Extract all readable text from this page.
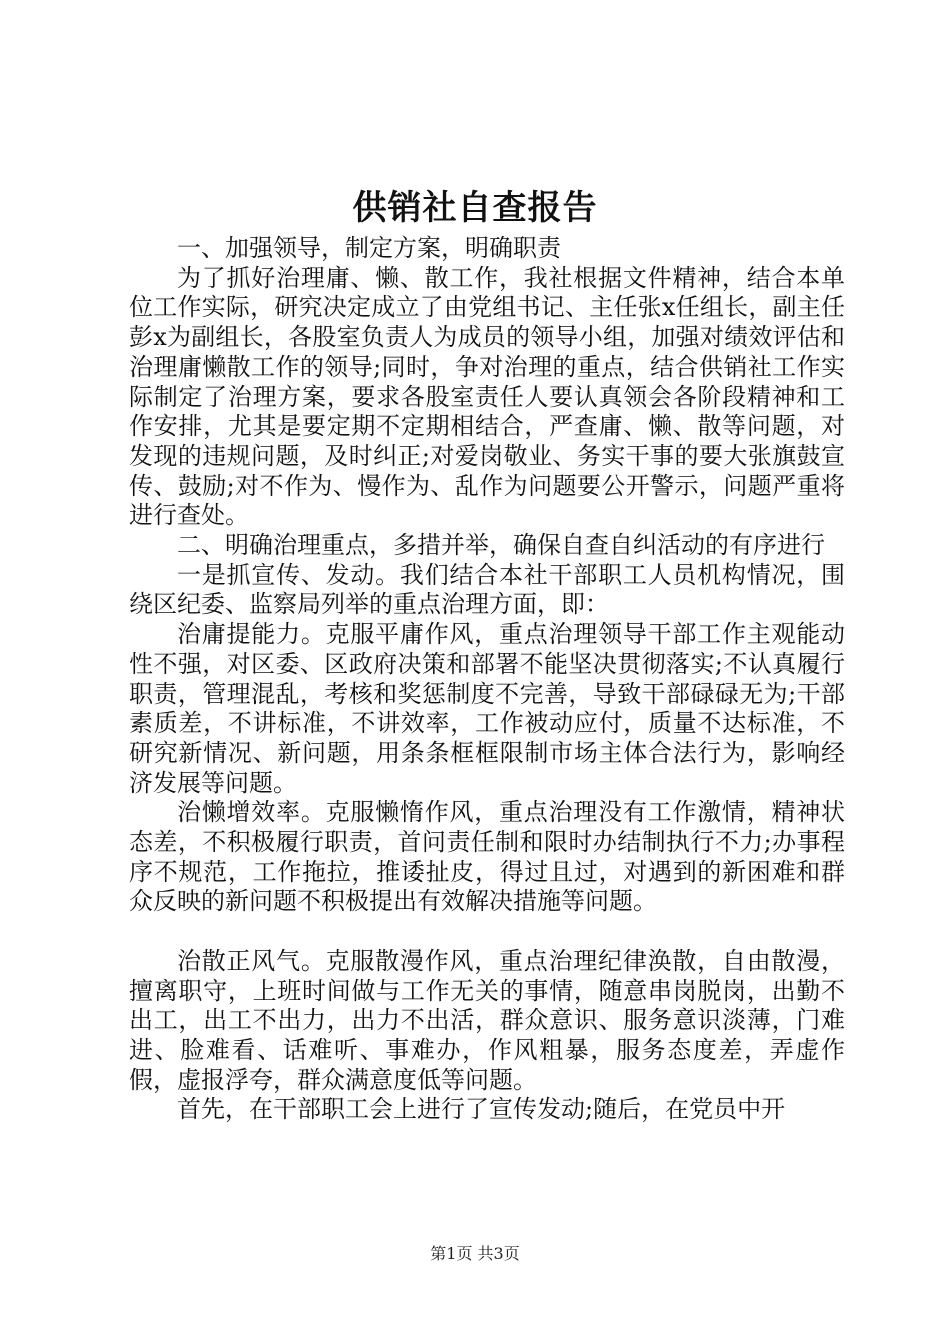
供销社自查报告

一、加强领导，制定方案，明确职责

为了抓好治理庸、懒、散工作，我社根据文件精神，结合本单位工作实际，研究决定成立了由党组书记、主任张x任组长，副主任彭x为副组长，各股室负责人为成员的领导小组，加强对绩效评估和治理庸懒散工作的领导;同时，争对治理的重点，结合供销社工作实际制定了治理方案，要求各股室责任人要认真领会各阶段精神和工作安排，尤其是要定期不定期相结合，严查庸、懒、散等问题，对发现的违规问题，及时纠正;对爱岗敬业、务实干事的要大张旗鼓宣传、鼓励;对不作为、慢作为、乱作为问题要公开警示，问题严重将进行查处。

二、明确治理重点，多措并举，确保自查自纠活动的有序进行

一是抓宣传、发动。我们结合本社干部职工人员机构情况，围绕区纪委、监察局列举的重点治理方面，即：

治庸提能力。克服平庸作风，重点治理领导干部工作主观能动性不强，对区委、区政府决策和部署不能坚决贯彻落实;不认真履行职责，管理混乱，考核和奖惩制度不完善，导致干部碌碌无为;干部素质差，不讲标准，不讲效率，工作被动应付，质量不达标准，不研究新情况、新问题，用条条框框限制市场主体合法行为，影响经济发展等问题。

治懒增效率。克服懒惰作风，重点治理没有工作激情，精神状态差，不积极履行职责，首问责任制和限时办结制执行不力;办事程序不规范，工作拖拉，推诿扯皮，得过且过，对遇到的新困难和群众反映的新问题不积极提出有效解决措施等问题。

治散正风气。克服散漫作风，重点治理纪律涣散，自由散漫，擅离职守，上班时间做与工作无关的事情，随意串岗脱岗，出勤不出工，出工不出力，出力不出活，群众意识、服务意识淡薄，门难进、脸难看、话难听、事难办，作风粗暴，服务态度差，弄虚作假，虚报浮夸，群众满意度低等问题。

首先，在干部职工会上进行了宣传发动;随后，在党员中开

第1页 共3页
